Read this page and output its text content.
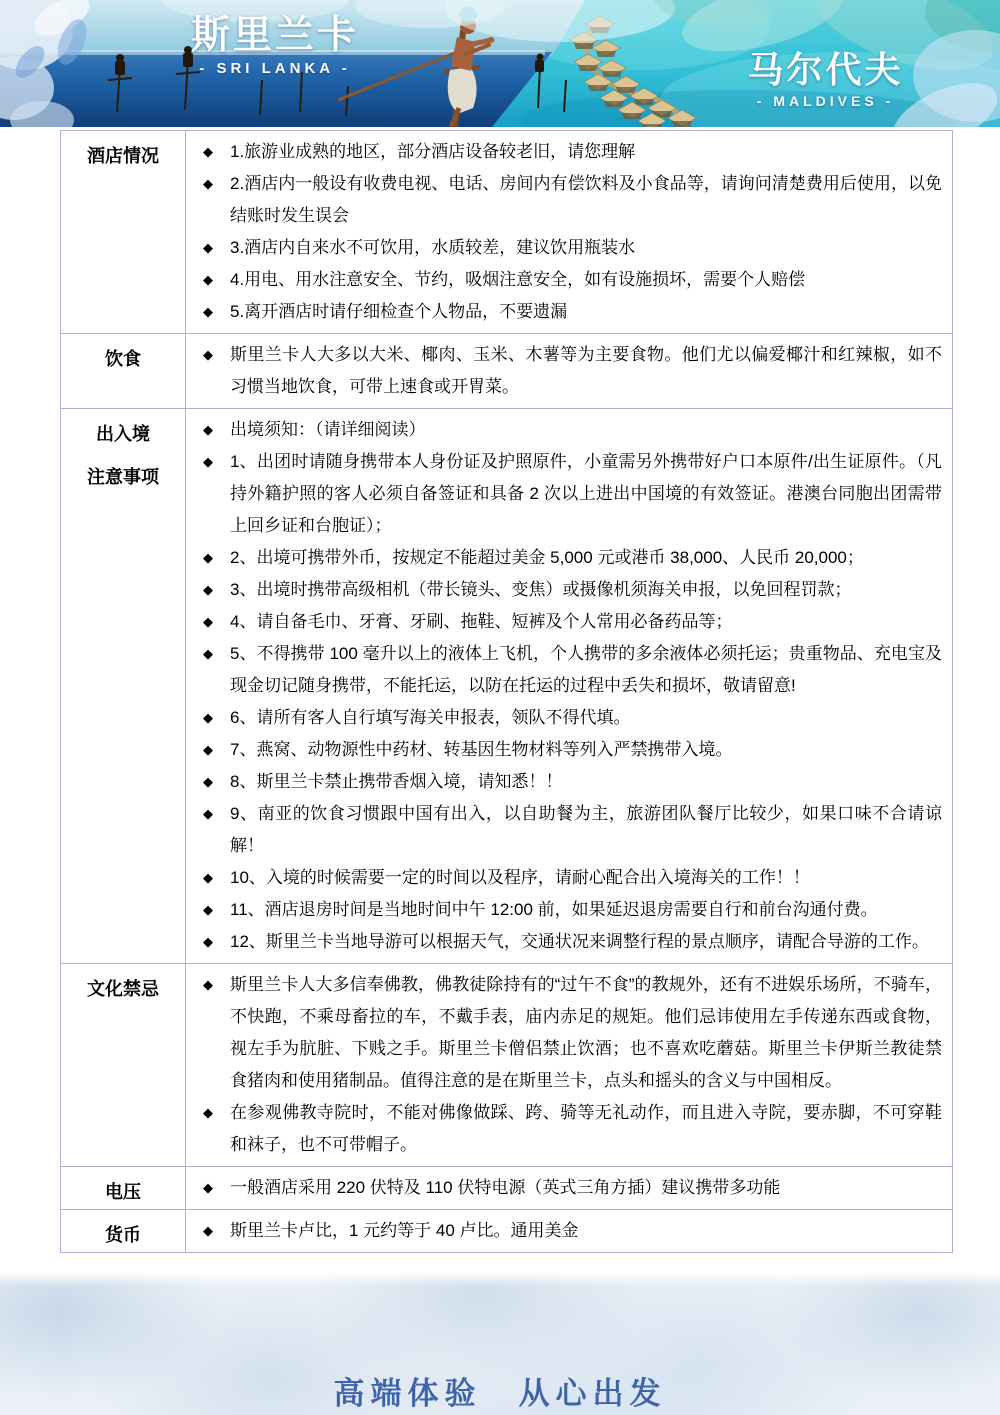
斯里兰卡
- SRI LANKA -	马尔代夫
- MALDIVES -
酒店情况	◆ 1.旅游业成熟的地区，部分酒店设备较老旧，请您理解
◆ 2.酒店内一般设有收费电视、电话、房间内有偿饮料及小食品等，请询问清楚费用后使用，以免结账时发生误会
◆ 3.酒店内自来水不可饮用，水质较差，建议饮用瓶装水
◆ 4.用电、用水注意安全、节约，吸烟注意安全，如有设施损坏，需要个人赔偿
◆ 5.离开酒店时请仔细检查个人物品，不要遗漏

饮食	◆ 斯里兰卡人大多以大米、椰肉、玉米、木薯等为主要食物。他们尤以偏爱椰汁和红辣椒，如不习惯当地饮食，可带上速食或开胃菜。

出入境
注意事项

◆ 出境须知：（请详细阅读）
◆ 1、出团时请随身携带本人身份证及护照原件，小童需另外携带好户口本原件/出生证原件。（凡持外籍护照的客人必须自备签证和具备 2 次以上进出中国境的有效签证。港澳台同胞出团需带上回乡证和台胞证）；
◆ 2、出境可携带外币，按规定不能超过美金 5,000 元或港币 38,000、人民币 20,000；
◆ 3、出境时携带高级相机（带长镜头、变焦）或摄像机须海关申报，以免回程罚款；
◆ 4、请自备毛巾、牙膏、牙刷、拖鞋、短裤及个人常用必备药品等；
◆ 5、不得携带 100 毫升以上的液体上飞机，个人携带的多余液体必须托运；贵重物品、充电宝及现金切记随身携带，不能托运，以防在托运的过程中丢失和损坏，敬请留意!
◆ 6、请所有客人自行填写海关申报表，领队不得代填。
◆ 7、燕窝、动物源性中药材、转基因生物材料等列入严禁携带入境。
◆ 8、斯里兰卡禁止携带香烟入境，请知悉！！
◆ 9、南亚的饮食习惯跟中国有出入，以自助餐为主，旅游团队餐厅比较少，如果口味不合请谅解！
◆ 10、入境的时候需要一定的时间以及程序，请耐心配合出入境海关的工作！！
◆ 11、酒店退房时间是当地时间中午 12:00 前，如果延迟退房需要自行和前台沟通付费。
◆ 12、斯里兰卡当地导游可以根据天气，交通状况来调整行程的景点顺序，请配合导游的工作。

文化禁忌	◆ 斯里兰卡人大多信奉佛教，佛教徒除持有的“过午不食”的教规外，还有不进娱乐场所，不骑车，不快跑，不乘母畜拉的车，不戴手表，庙内赤足的规矩。他们忌讳使用左手传递东西或食物，视左手为肮脏、下贱之手。斯里兰卡僧侣禁止饮酒；也不喜欢吃蘑菇。斯里兰卡伊斯兰教徒禁食猪肉和使用猪制品。值得注意的是在斯里兰卡，点头和摇头的含义与中国相反。
◆ 在参观佛教寺院时，不能对佛像做踩、跨、骑等无礼动作，而且进入寺院，要赤脚，不可穿鞋和袜子，也不可带帽子。

电压	◆ 一般酒店采用 220 伏特及 110 伏特电源（英式三角方插）建议携带多功能

货币	◆ 斯里兰卡卢比，1 元约等于 40 卢比。通用美金
高端体验　从心出发
